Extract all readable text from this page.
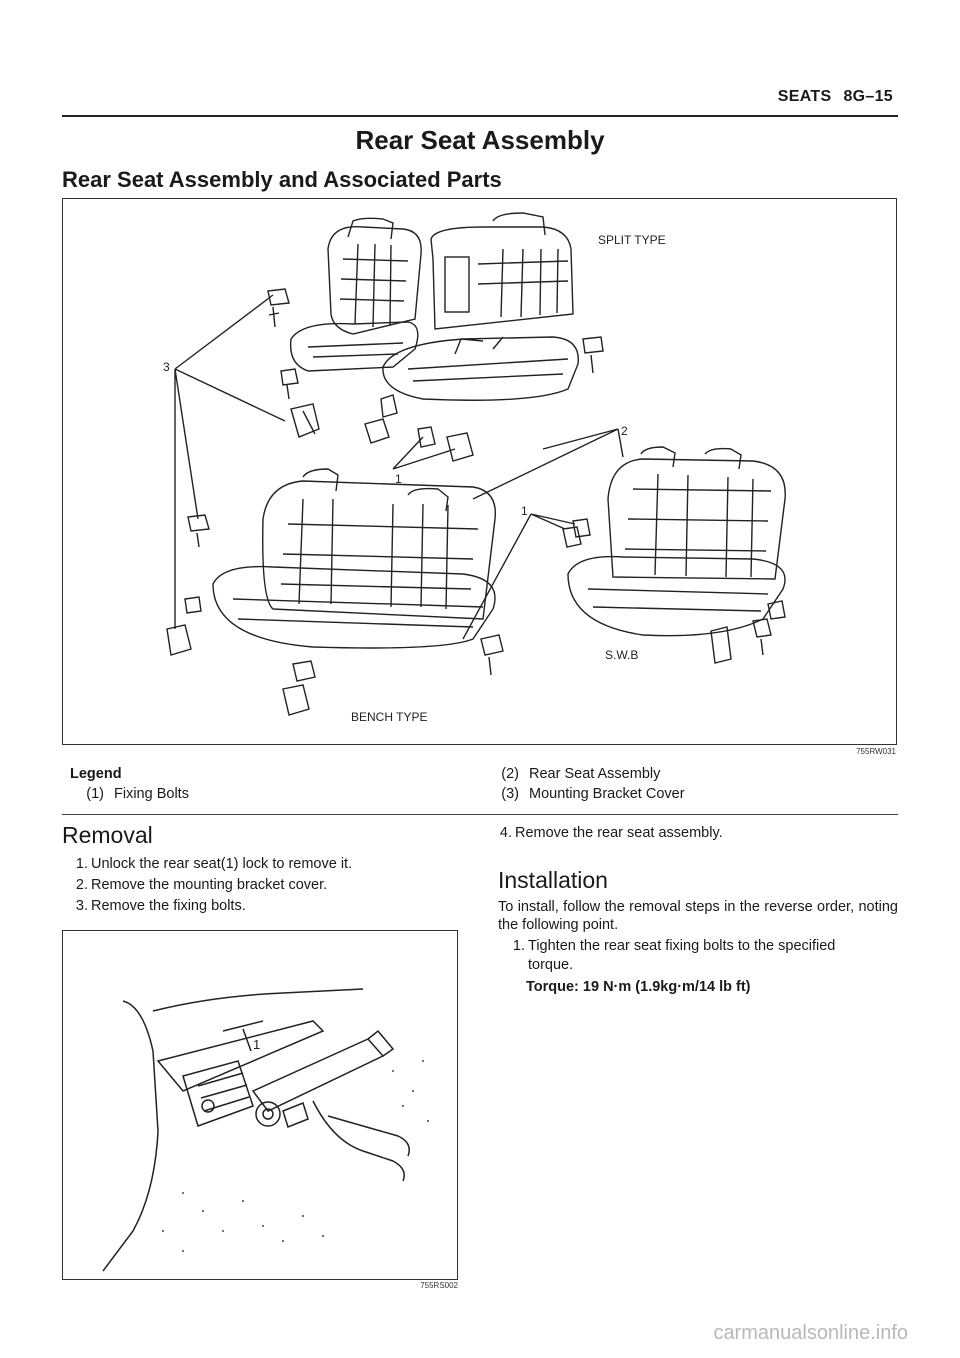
SEATS 8G–15
Rear Seat Assembly
Rear Seat Assembly and Associated Parts
SPLIT TYPE
BENCH TYPE
S.W.B
3
2
1
1
755RW031
Legend
(1) Fixing Bolts
(2) Rear Seat Assembly
(3) Mounting Bracket Cover
Removal
1. Unlock the rear seat(1) lock to remove it.
2. Remove the mounting bracket cover.
3. Remove the fixing bolts.
4. Remove the rear seat assembly.
1
755RS002
Installation
To install, follow the removal steps in the reverse order, noting the following point.
1. Tighten the rear seat fixing bolts to the specified
torque.
Torque: 19 N·m (1.9kg·m/14 lb ft)
carmanualsonline.info
